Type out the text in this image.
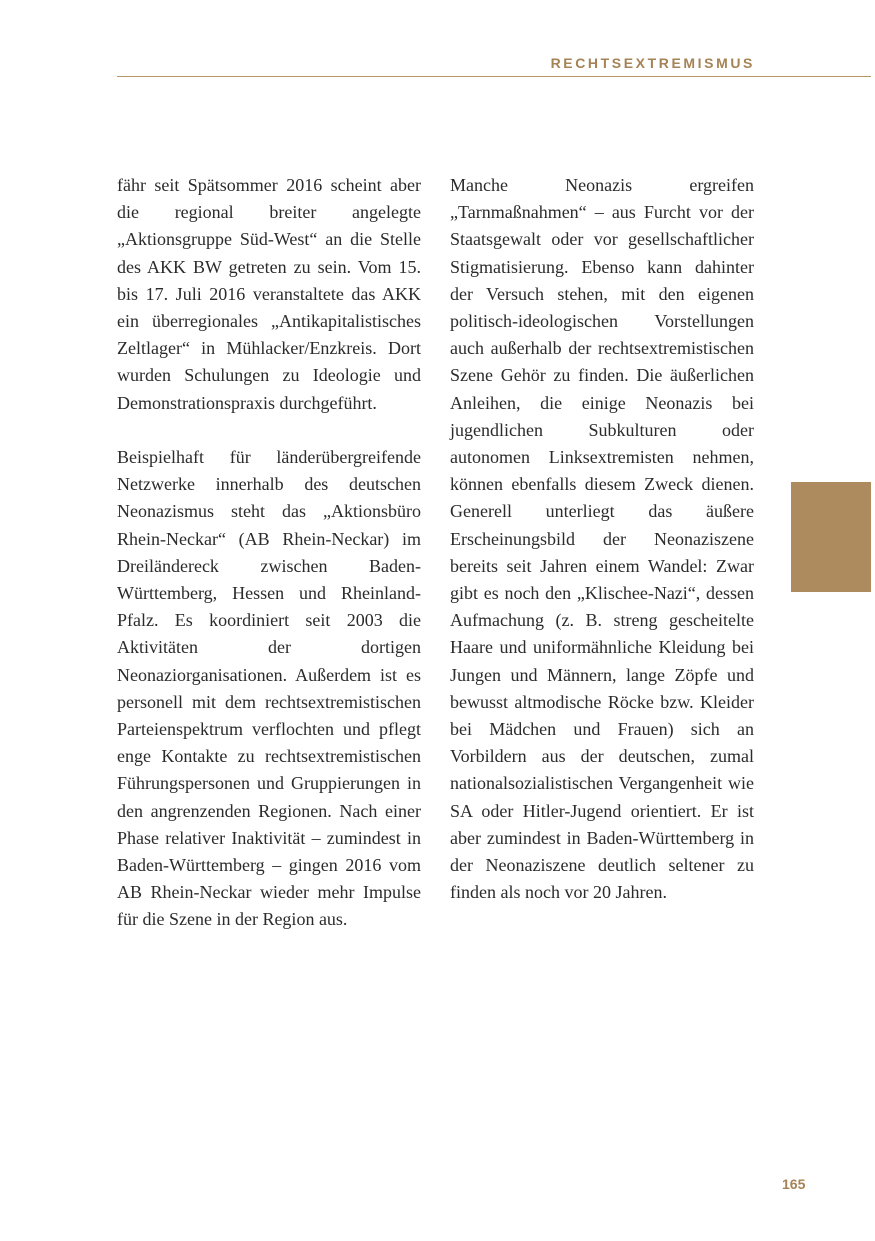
RECHTSEXTREMISMUS

fähr seit Spätsommer 2016 scheint aber die regional breiter angelegte „Aktionsgruppe Süd-West“ an die Stelle des AKK BW getreten zu sein. Vom 15. bis 17. Juli 2016 veranstaltete das AKK ein überregionales „Antikapitalistisches Zeltlager“ in Mühlacker/Enzkreis. Dort wurden Schulungen zu Ideologie und Demonstrationspraxis durchgeführt.

Beispielhaft für länderübergreifende Netzwerke innerhalb des deutschen Neonazismus steht das „Aktionsbüro Rhein-Neckar“ (AB Rhein-Neckar) im Dreiländereck zwischen Baden-Württemberg, Hessen und Rheinland-Pfalz. Es koordiniert seit 2003 die Aktivitäten der dortigen Neonaziorganisationen. Außerdem ist es personell mit dem rechtsextremistischen Parteienspektrum verflochten und pflegt enge Kontakte zu rechtsextremistischen Führungspersonen und Gruppierungen in den angrenzenden Regionen. Nach einer Phase relativer Inaktivität – zumindest in Baden-Württemberg – gingen 2016 vom AB Rhein-Neckar wieder mehr Impulse für die Szene in der Region aus.

Manche Neonazis ergreifen „Tarnmaßnahmen“ – aus Furcht vor der Staatsgewalt oder vor gesellschaftlicher Stigmatisierung. Ebenso kann dahinter der Versuch stehen, mit den eigenen politisch-ideologischen Vorstellungen auch außerhalb der rechtsextremistischen Szene Gehör zu finden. Die äußerlichen Anleihen, die einige Neonazis bei jugendlichen Subkulturen oder autonomen Linksextremisten nehmen, können ebenfalls diesem Zweck dienen. Generell unterliegt das äußere Erscheinungsbild der Neonaziszene bereits seit Jahren einem Wandel: Zwar gibt es noch den „Klischee-Nazi“, dessen Aufmachung (z. B. streng gescheitelte Haare und uniformähnliche Kleidung bei Jungen und Männern, lange Zöpfe und bewusst altmodische Röcke bzw. Kleider bei Mädchen und Frauen) sich an Vorbildern aus der deutschen, zumal nationalsozialistischen Vergangenheit wie SA oder Hitler-Jugend orientiert. Er ist aber zumindest in Baden-Württemberg in der Neonaziszene deutlich seltener zu finden als noch vor 20 Jahren.

165
